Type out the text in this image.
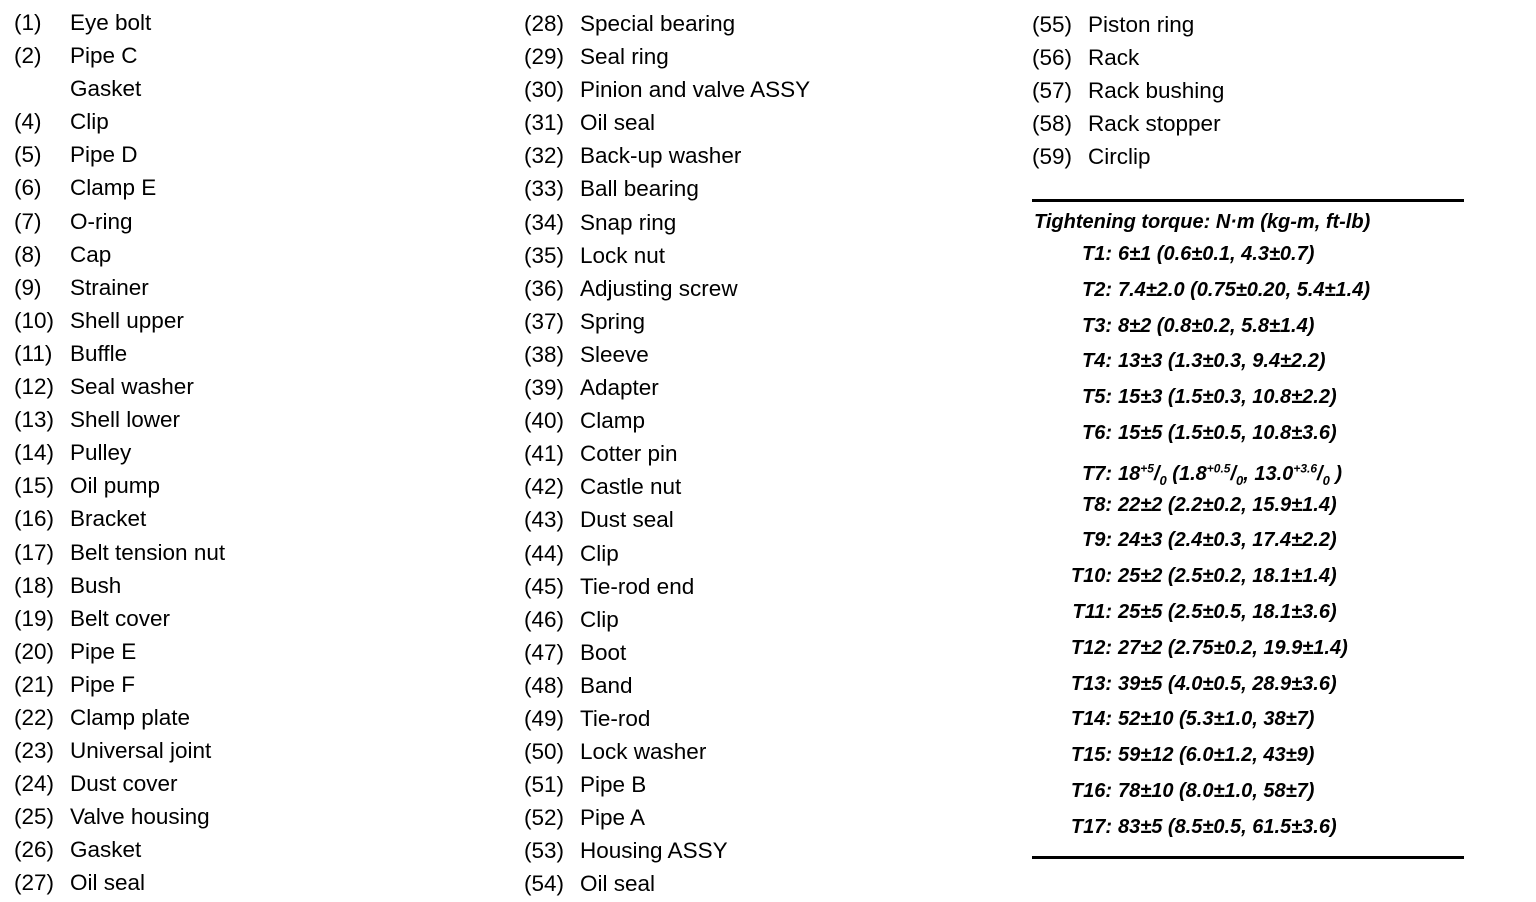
(1)	Eye bolt
(2)	Pipe C
Gasket
(4)	Clip
(5)	Pipe D
(6)	Clamp E
(7)	O-ring
(8)	Cap
(9)	Strainer
(10) Shell upper
(11) Buffle
(12) Seal washer
(13) Shell lower
(14) Pulley
(15) Oil pump
(16) Bracket
(17) Belt tension nut
(18) Bush
(19) Belt cover
(20) Pipe E
(21) Pipe F
(22) Clamp plate
(23) Universal joint
(24) Dust cover
(25) Valve housing
(26) Gasket
(27) Oil seal
(28) Special bearing
(29) Seal ring
(30) Pinion and valve ASSY
(31) Oil seal
(32) Back-up washer
(33) Ball bearing
(34) Snap ring
(35) Lock nut
(36) Adjusting screw
(37) Spring
(38) Sleeve
(39) Adapter
(40) Clamp
(41) Cotter pin
(42) Castle nut
(43) Dust seal
(44) Clip
(45) Tie-rod end
(46) Clip
(47) Boot
(48) Band
(49) Tie-rod
(50) Lock washer
(51) Pipe B
(52) Pipe A
(53) Housing ASSY
(54) Oil seal
(55) Piston ring
(56) Rack
(57) Rack bushing
(58) Rack stopper
(59) Circlip
Tightening torque: N·m (kg-m, ft-lb)
T1: 6±1 (0.6±0.1, 4.3±0.7)
T2: 7.4±2.0 (0.75±0.20, 5.4±1.4)
T3: 8±2 (0.8±0.2, 5.8±1.4)
T4: 13±3 (1.3±0.3, 9.4±2.2)
T5: 15±3 (1.5±0.3, 10.8±2.2)
T6: 15±5 (1.5±0.5, 10.8±3.6)
T7: $18^{+5}/_0$ ($1.8^{+0.5}/_0$, $13.0^{+3.6}/_0$ )
T8: 22±2 (2.2±0.2, 15.9±1.4)
T9: 24±3 (2.4±0.3, 17.4±2.2)
T10: 25±2 (2.5±0.2, 18.1±1.4)
T11: 25±5 (2.5±0.5, 18.1±3.6)
T12: 27±2 (2.75±0.2, 19.9±1.4)
T13: 39±5 (4.0±0.5, 28.9±3.6)
T14: 52±10 (5.3±1.0, 38±7)
T15: 59±12 (6.0±1.2, 43±9)
T16: 78±10 (8.0±1.0, 58±7)
T17: 83±5 (8.5±0.5, 61.5±3.6)
